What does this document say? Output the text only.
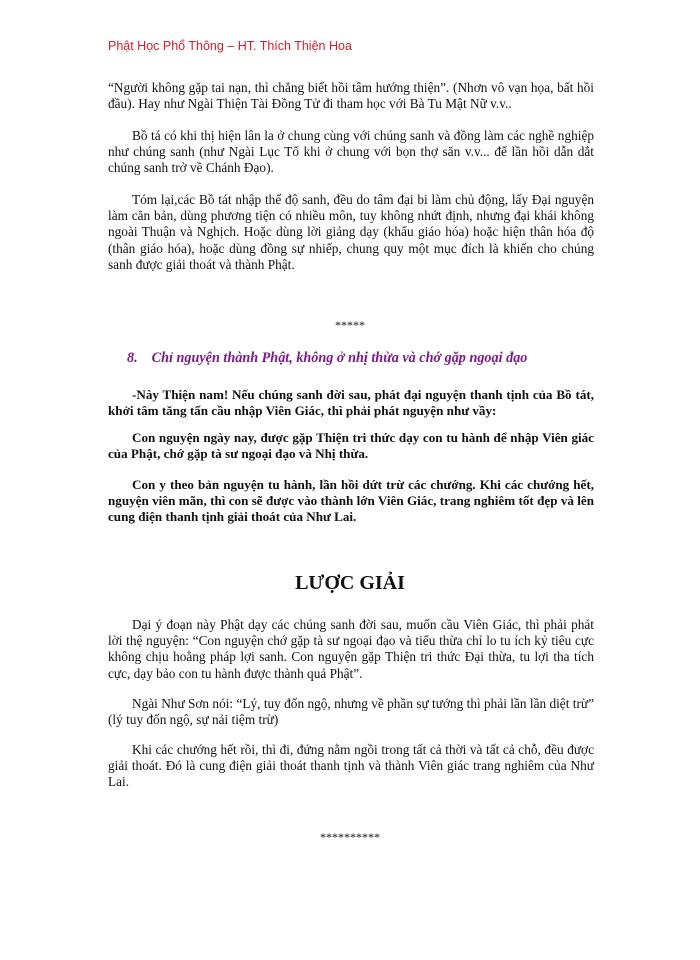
Phật Học Phổ Thông – HT. Thích Thiện Hoa

“Người không gặp tai nạn, thì chẳng biết hồi tâm hướng thiện”. (Nhơn vô vạn họa, bất hồi đầu). Hay như Ngài Thiện Tài Đồng Tử đi tham học với Bà Tu Mật Nữ v.v..

Bồ tá có khi thị hiện lân la ở chung cùng với chúng sanh và đồng làm các nghề nghiệp như chúng sanh (như Ngài Lục Tổ khi ở chung với bọn thợ săn v.v... để lần hồi dẫn dắt chúng sanh trở về Chánh Đạo).

Tóm lại,các Bồ tát nhập thế độ sanh, đều do tâm đại bi làm chủ động, lấy Đại nguyện làm căn bản, dùng phương tiện có nhiều môn, tuy không nhứt định, nhưng đại khái không ngoài Thuận và Nghịch. Hoặc dùng lời giảng dạy (khẩu giáo hóa) hoặc hiện thân hóa độ (thân giáo hóa), hoặc dùng đồng sự nhiếp, chung quy một mục đích là khiến cho chúng sanh được giải thoát và thành Phật.

*****
8. Chỉ nguyện thành Phật, không ở nhị thừa và chớ gặp ngoại đạo

-Này Thiện nam! Nếu chúng sanh đời sau, phát đại nguyện thanh tịnh của Bồ tát, khởi tâm tăng tấn cầu nhập Viên Giác, thì phải phát nguyện như vầy:

Con nguyện ngày nay, được gặp Thiện tri thức dạy con tu hành để nhập Viên giác của Phật, chớ gặp tà sư ngoại đạo và Nhị thừa.

Con y theo bản nguyện tu hành, lần hồi dứt trừ các chướng. Khi các chướng hết, nguyện viên mãn, thì con sẽ được vào thành lớn Viên Giác, trang nghiêm tốt đẹp và lên cung điện thanh tịnh giải thoát của Như Lai.

LƯỢC GIẢI

Dại ý đoạn này Phật dạy các chúng sanh đời sau, muốn cầu Viên Giác, thì phải phát lời thệ nguyện: “Con nguyện chớ gặp tà sư ngoại đạo và tiểu thừa chỉ lo tu ích kỷ tiêu cực không chịu hoằng pháp lợi sanh. Con nguyện gặp Thiện tri thức Đại thừa, tu lợi tha tích cực, dạy bảo con tu hành được thành quả Phật”.

Ngài Như Sơn nói: “Lý, tuy đốn ngộ, nhưng về phần sự tướng thì phải lần lần diệt trừ” (lý tuy đốn ngộ, sự nải tiệm trừ)

Khi các chướng hết rồi, thì đi, đứng nằm ngồi trong tất cả thời và tất cả chỗ, đều được giải thoát. Đó là cung điện giải thoát thanh tịnh và thành Viên giác trang nghiêm của Như Lai.

**********
